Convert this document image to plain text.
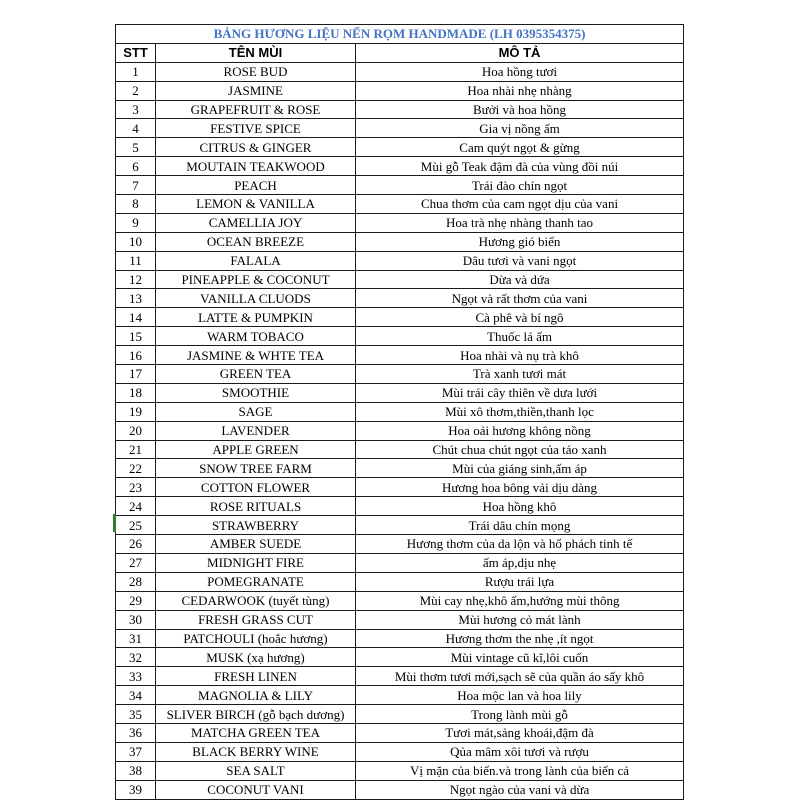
BẢNG HƯƠNG LIỆU NẾN RỌM HANDMADE (LH 0395354375)		
STT	TÊN MÙI	MÔ TẢ
1	ROSE BUD	Hoa hồng tươi
2	JASMINE	Hoa nhài nhẹ nhàng
3	GRAPEFRUIT & ROSE	Bưởi và hoa hồng
4	FESTIVE SPICE	Gia vị nồng ấm
5	CITRUS & GINGER	Cam quýt ngọt & gừng
6	MOUTAIN TEAKWOOD	Mùi gỗ Teak đậm đà của vùng đồi núi
7	PEACH	Trái đào chín ngọt
8	LEMON & VANILLA	Chua thơm của cam ngọt dịu của vani
9	CAMELLIA JOY	Hoa trà nhẹ nhàng thanh tao
10	OCEAN BREEZE	Hương gió biển
11	FALALA	Dâu tươi và vani ngọt
12	PINEAPPLE & COCONUT	Dừa và dứa
13	VANILLA CLUODS	Ngọt và rất thơm của vani
14	LATTE & PUMPKIN	Cà phê và bí ngô
15	WARM TOBACO	Thuốc lá ấm
16	JASMINE & WHTE TEA	Hoa nhài và nụ trà khô
17	GREEN TEA	Trà xanh tươi mát
18	SMOOTHIE	Mùi trái cây thiên về dưa lưới
19	SAGE	Mùi xô thơm,thiền,thanh lọc
20	LAVENDER	Hoa oải hương không nồng
21	APPLE GREEN	Chút chua chút ngọt của táo xanh
22	SNOW TREE FARM	Mùi của giáng sinh,ấm áp
23	COTTON FLOWER	Hương hoa bông vải dịu dàng
24	ROSE RITUALS	Hoa hồng khô
25	STRAWBERRY	Trái dâu chín mọng
26	AMBER SUEDE	Hương thơm của da lộn và hổ phách tinh tế
27	MIDNIGHT FIRE	ấm áp,dịu nhẹ
28	POMEGRANATE	Rượu trái lựa
29	CEDARWOOK (tuyết tùng)	Mùi cay nhẹ,khô ấm,hướng mùi thông
30	FRESH GRASS CUT	Mùi hương cỏ mát lành
31	PATCHOULI (hoắc hương)	Hương thơm the nhẹ ,ít ngọt
32	MUSK (xạ hương)	Mùi vintage cũ kĩ,lôi cuốn
33	FRESH LINEN	Mùi thơm tươi mới,sạch sẽ của quần áo sấy khô
34	MAGNOLIA & LILY	Hoa mộc lan và hoa lily
35	SLIVER BIRCH (gỗ bạch dương)	Trong lành mùi gỗ
36	MATCHA GREEN TEA	Tươi mát,sảng khoái,đậm đà
37	BLACK BERRY WINE	Qủa mâm xôi tươi và rượu
38	SEA SALT	Vị mặn của biển.và trong lành của biển cả
39	COCONUT VANI	Ngọt ngào của vani và dừa
